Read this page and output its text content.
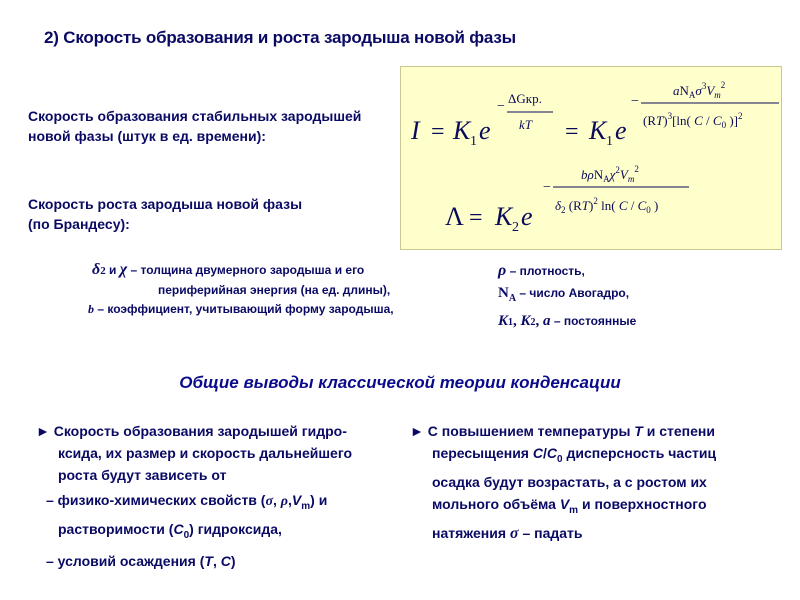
2) Скорость образования и роста зародыша новой фазы
Скорость образования стабильных зародышей
новой фазы (штук в ед. времени):
Скорость роста зародыша новой фазы
(по Брандесу):
I = K 1 e
−
ΔGкр.
kT = K 1 e
−
$aN_A\sigma^3V_m^2$
(RT)$^3$[ln( C / $C_0$ )]$^2$
Λ = K 2 e
−
$b\rho N_A\chi^2V_m^2$
$\delta_2$ (RT)$^2$ ln( C / $C_0$ )
δ2 и χ – толщина двумерного зародыша и его
периферийная энергия (на ед. длины),
b – коэффициент, учитывающий форму зародыша,
ρ – плотность,
$N_A$ – число Авогадро,
K1, K2, a – постоянные
Общие выводы классической теории конденсации
► Скорость образования зародышей гидро-
ксида, их размер и скорость дальнейшего
роста будут зависеть от
– физико-химических свойств (σ, $\rho,V_m$) и
растворимости $(C_0)$ гидроксида,
– условий осаждения (T, C)
► С повышением температуры T и степени
пересыщения $C/C_0$ дисперсность частиц
осадка будут возрастать, а с ростом их
мольного объёма $V_m$ и поверхностного
натяжения σ – падать
